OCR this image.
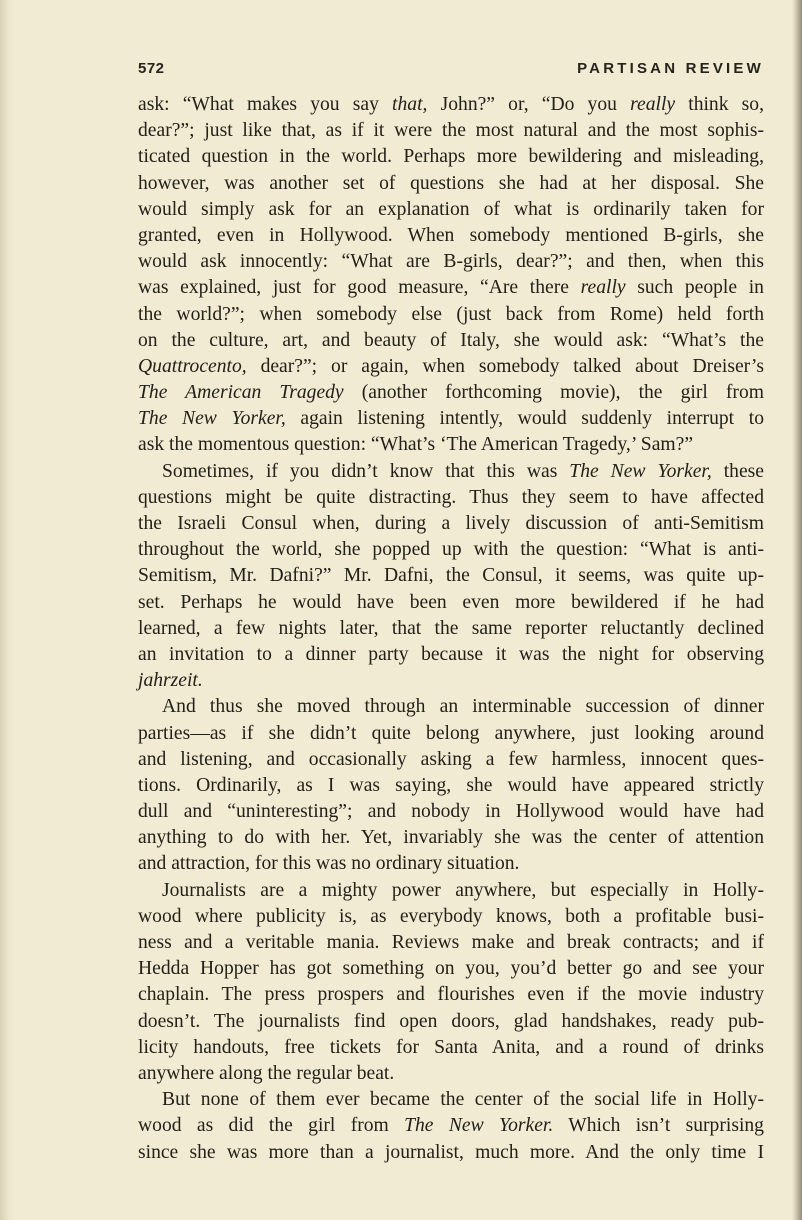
572	PARTISAN REVIEW
ask: “What makes you say that, John?” or, “Do you really think so,
dear?”; just like that, as if it were the most natural and the most sophis-
ticated question in the world. Perhaps more bewildering and misleading,
however, was another set of questions she had at her disposal. She
would simply ask for an explanation of what is ordinarily taken for
granted, even in Hollywood. When somebody mentioned B-girls, she
would ask innocently: “What are B-girls, dear?”; and then, when this
was explained, just for good measure, “Are there really such people in
the world?”; when somebody else (just back from Rome) held forth
on the culture, art, and beauty of Italy, she would ask: “What’s the
Quattrocento, dear?”; or again, when somebody talked about Dreiser’s
The American Tragedy (another forthcoming movie), the girl from
The New Yorker, again listening intently, would suddenly interrupt to
ask the momentous question: “What’s ‘The American Tragedy,’ Sam?”
Sometimes, if you didn’t know that this was The New Yorker, these
questions might be quite distracting. Thus they seem to have affected
the Israeli Consul when, during a lively discussion of anti-Semitism
throughout the world, she popped up with the question: “What is anti-
Semitism, Mr. Dafni?” Mr. Dafni, the Consul, it seems, was quite up-
set. Perhaps he would have been even more bewildered if he had
learned, a few nights later, that the same reporter reluctantly declined
an invitation to a dinner party because it was the night for observing
jahrzeit.
And thus she moved through an interminable succession of dinner
parties—as if she didn’t quite belong anywhere, just looking around
and listening, and occasionally asking a few harmless, innocent ques-
tions. Ordinarily, as I was saying, she would have appeared strictly
dull and “uninteresting”; and nobody in Hollywood would have had
anything to do with her. Yet, invariably she was the center of attention
and attraction, for this was no ordinary situation.
Journalists are a mighty power anywhere, but especially in Holly-
wood where publicity is, as everybody knows, both a profitable busi-
ness and a veritable mania. Reviews make and break contracts; and if
Hedda Hopper has got something on you, you’d better go and see your
chaplain. The press prospers and flourishes even if the movie industry
doesn’t. The journalists find open doors, glad handshakes, ready pub-
licity handouts, free tickets for Santa Anita, and a round of drinks
anywhere along the regular beat.
But none of them ever became the center of the social life in Holly-
wood as did the girl from The New Yorker. Which isn’t surprising
since she was more than a journalist, much more. And the only time I
